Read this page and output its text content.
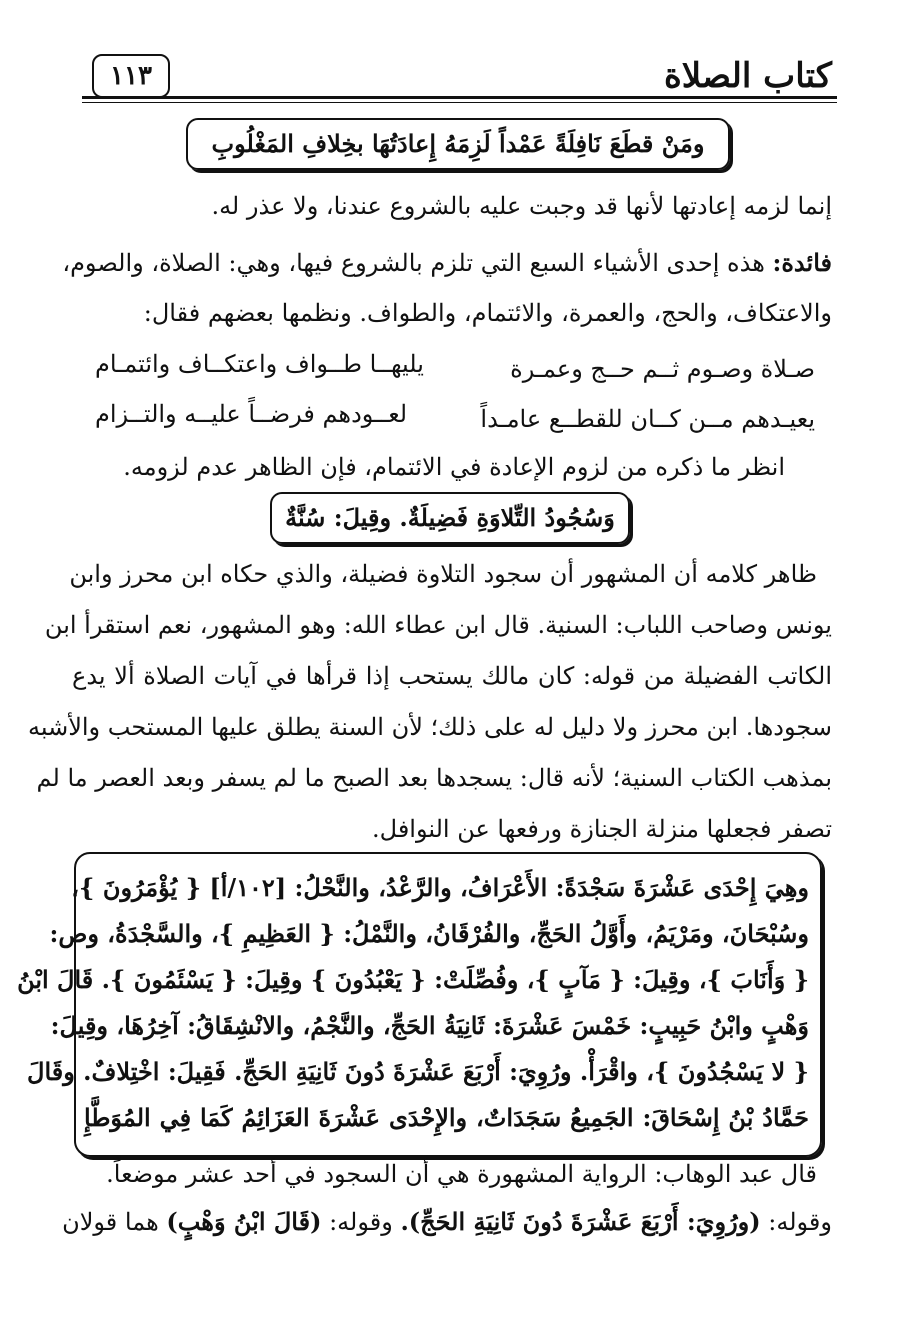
كتاب الصلاة
١١٣
ومَنْ قطَعَ نَافِلَةً عَمْداً لَزِمَهُ إِعادَتُهَا بخِلافِ المَغْلُوبِ
إنما لزمه إعادتها لأنها قد وجبت عليه بالشروع عندنا، ولا عذر له.
فائدة: هذه إحدى الأشياء السبع التي تلزم بالشروع فيها، وهي: الصلاة، والصوم،
والاعتكاف، والحج، والعمرة، والائتمام، والطواف. ونظمها بعضهم فقال:
صـلاة وصـوم ثــم حــج وعمـرة
يليهــا طــواف واعتكــاف وائتمـام
يعيـدهم مــن كــان للقطــع عامـداً
لعــودهم فرضــاً عليــه والتــزام
انظر ما ذكره من لزوم الإعادة في الائتمام، فإن الظاهر عدم لزومه.
وَسُجُودُ التِّلاوَةِ فَضِيلَةٌ. وقِيلَ: سُنَّةٌ
ظاهر كلامه أن المشهور أن سجود التلاوة فضيلة، والذي حكاه ابن محرز وابن
يونس وصاحب اللباب: السنية. قال ابن عطاء الله: وهو المشهور، نعم استقرأ ابن
الكاتب الفضيلة من قوله: كان مالك يستحب إذا قرأها في آيات الصلاة ألا يدع
سجودها. ابن محرز ولا دليل له على ذلك؛ لأن السنة يطلق عليها المستحب والأشبه
بمذهب الكتاب السنية؛ لأنه قال: يسجدها بعد الصبح ما لم يسفر وبعد العصر ما لم
تصفر فجعلها منزلة الجنازة ورفعها عن النوافل.
وهِيَ إِحْدَى عَشْرَةَ سَجْدَةً: الأَعْرَافُ، والرَّعْدُ، والنَّحْلُ: [١٠٢/أ] { يُؤْمَرُونَ }،
وسُبْحَانَ، ومَرْيَمُ، وأَوَّلُ الحَجِّ، والفُرْقَانُ، والنَّمْلُ: { العَظِيمِ }، والسَّجْدَةُ، وص:
{ وَأَنَابَ }، وقِيلَ: { مَآبٍ }، وفُصِّلَتْ: { يَعْبُدُونَ } وقِيلَ: { يَسْئَمُونَ }. قَالَ ابْنُ
وَهْبٍ وابْنُ حَبِيبٍ: خَمْسَ عَشْرَةَ: ثَانِيَةُ الحَجِّ، والنَّجْمُ، والانْشِقَاقُ: آخِرُهَا، وقِيلَ:
{ لا يَسْجُدُونَ }، واقْرَأْ. ورُوِيَ: أَرْبَعَ عَشْرَةَ دُونَ ثَانِيَةِ الحَجِّ. فَقِيلَ: اخْتِلافٌ. وقَالَ
حَمَّادُ بْنُ إِسْحَاقَ: الجَمِيعُ سَجَدَاتٌ، والإِحْدَى عَشْرَةَ العَزَائِمُ كَمَا فِي المُوَطَّإِ
قال عبد الوهاب: الرواية المشهورة هي أن السجود في أحد عشر موضعاً.
وقوله: (ورُوِيَ: أَرْبَعَ عَشْرَةَ دُونَ ثَانِيَةِ الحَجِّ). وقوله: (قَالَ ابْنُ وَهْبٍ) هما قولان
